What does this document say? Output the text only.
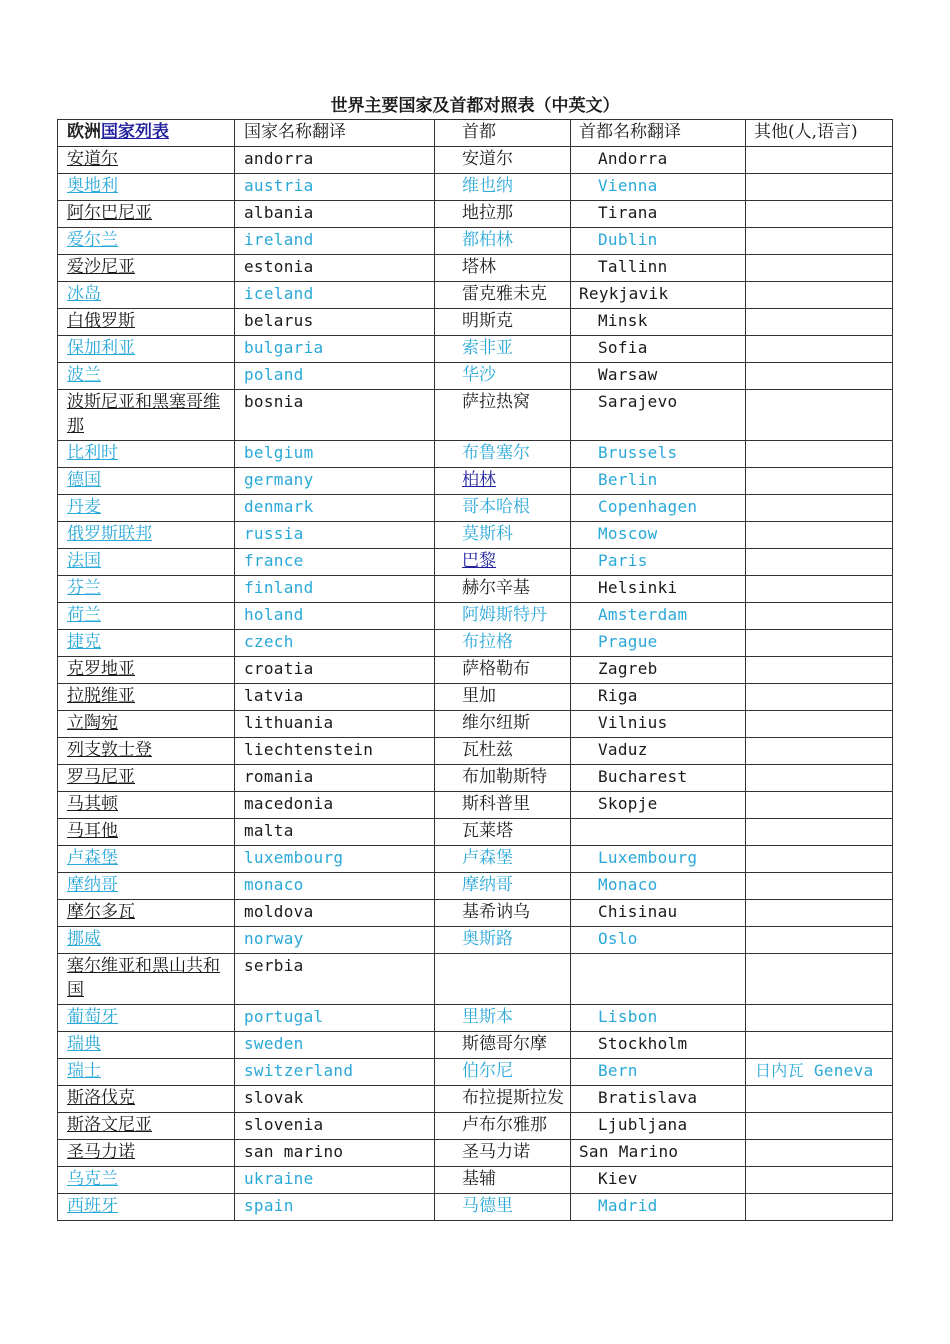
世界主要国家及首都对照表（中英文）
欧洲国家列表	国家名称翻译	首都	首都名称翻译	其他(人,语言)
安道尔	andorra	安道尔	Andorra	
奥地利	austria	维也纳	Vienna	
阿尔巴尼亚	albania	地拉那	Tirana	
爱尔兰	ireland	都柏林	Dublin	
爱沙尼亚	estonia	塔林	Tallinn	
冰岛	iceland	雷克雅未克	Reykjavik	
白俄罗斯	belarus	明斯克	Minsk	
保加利亚	bulgaria	索非亚	Sofia	
波兰	poland	华沙	Warsaw	
波斯尼亚和黑塞哥维那	bosnia	萨拉热窝	Sarajevo	
比利时	belgium	布鲁塞尔	Brussels	
德国	germany	柏林	Berlin	
丹麦	denmark	哥本哈根	Copenhagen	
俄罗斯联邦	russia	莫斯科	Moscow	
法国	france	巴黎	Paris	
芬兰	finland	赫尔辛基	Helsinki	
荷兰	holand	阿姆斯特丹	Amsterdam	
捷克	czech	布拉格	Prague	
克罗地亚	croatia	萨格勒布	Zagreb	
拉脱维亚	latvia	里加	Riga	
立陶宛	lithuania	维尔纽斯	Vilnius	
列支敦士登	liechtenstein	瓦杜兹	Vaduz	
罗马尼亚	romania	布加勒斯特	Bucharest	
马其顿	macedonia	斯科普里	Skopje	
马耳他	malta	瓦莱塔		
卢森堡	luxembourg	卢森堡	Luxembourg	
摩纳哥	monaco	摩纳哥	Monaco	
摩尔多瓦	moldova	基希讷乌	Chisinau	
挪威	norway	奥斯路	Oslo	
塞尔维亚和黑山共和国	serbia			
葡萄牙	portugal	里斯本	Lisbon	
瑞典	sweden	斯德哥尔摩	Stockholm	
瑞士	switzerland	伯尔尼	Bern	日内瓦 Geneva
斯洛伐克	slovak	布拉提斯拉发	Bratislava	
斯洛文尼亚	slovenia	卢布尔雅那	Ljubljana	
圣马力诺	san marino	圣马力诺	San Marino	
乌克兰	ukraine	基辅	Kiev	
西班牙	spain	马德里	Madrid	
